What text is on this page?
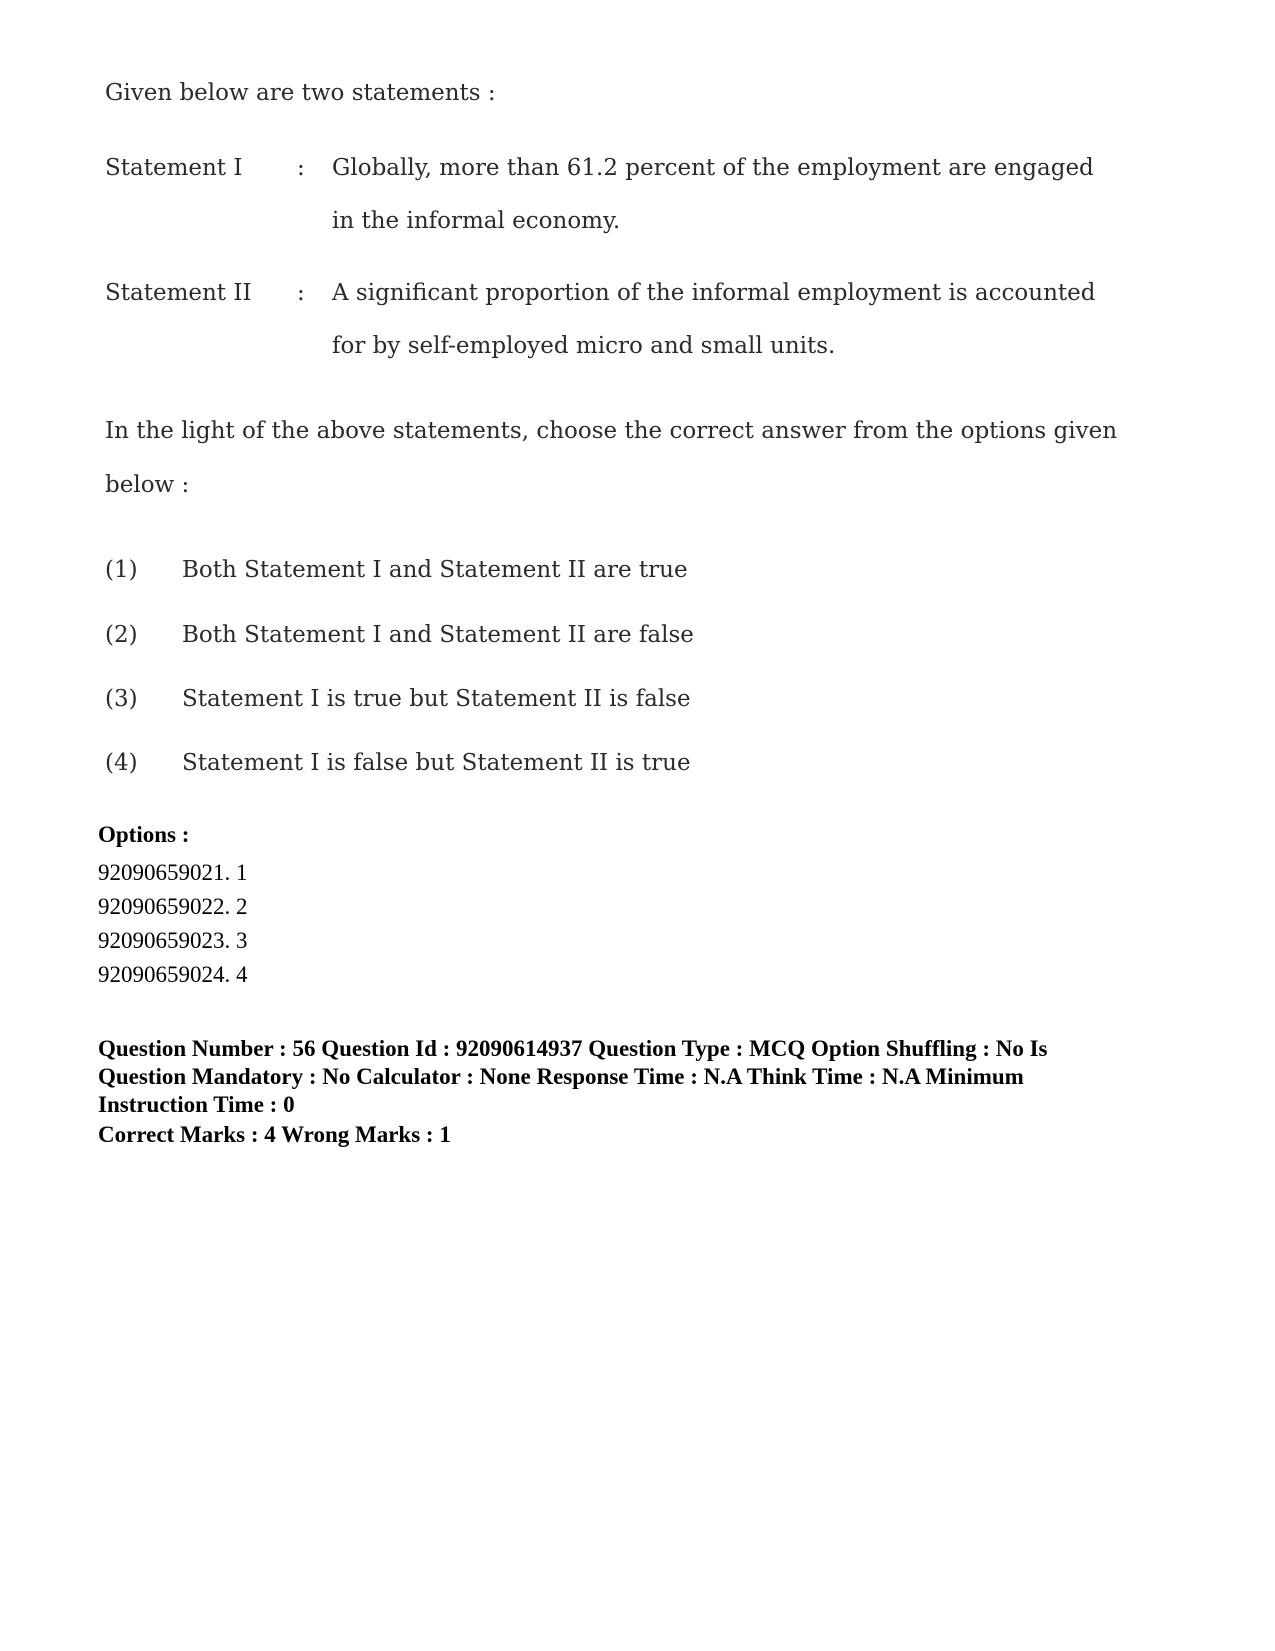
Given below are two statements :
Statement I : Globally, more than 61.2 percent of the employment are engaged
in the informal economy.
Statement II : A significant proportion of the informal employment is accounted
for by self-employed micro and small units.
In the light of the above statements, choose the correct answer from the options given
below :
(1) Both Statement I and Statement II are true
(2) Both Statement I and Statement II are false
(3) Statement I is true but Statement II is false
(4) Statement I is false but Statement II is true
Options :
92090659021. 1
92090659022. 2
92090659023. 3
92090659024. 4
Question Number : 56 Question Id : 92090614937 Question Type : MCQ Option Shuffling : No Is
Question Mandatory : No Calculator : None Response Time : N.A Think Time : N.A Minimum
Instruction Time : 0
Correct Marks : 4 Wrong Marks : 1
